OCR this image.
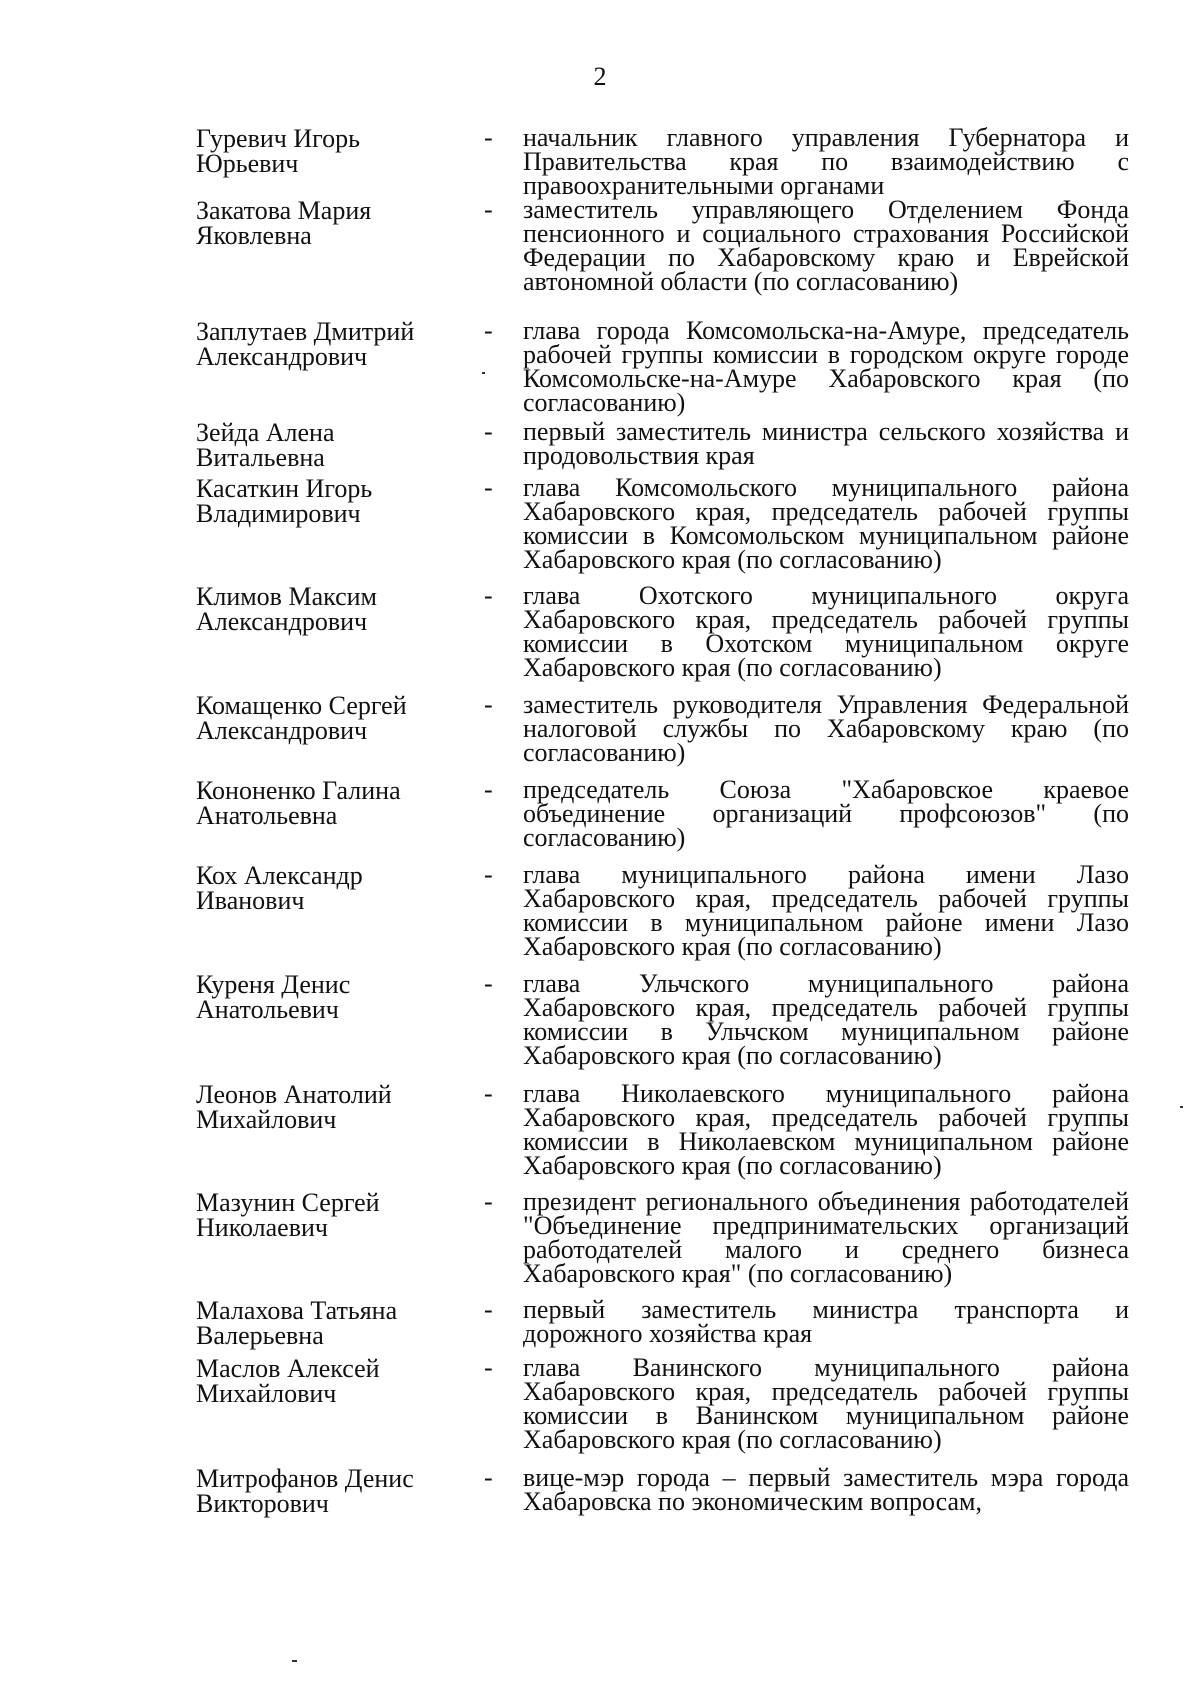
2
Гуревич Игорь
Юрьевич
-	начальник главного управления Губернатора и Правительства края по взаимодействию с правоохранительными органами
Закатова Мария
Яковлевна
-	заместитель управляющего Отделением Фонда пенсионного и социального страхования Российской Федерации по Хабаровскому краю и Еврейской автономной области (по согласованию)
Заплутаев Дмитрий
Александрович
-	глава города Комсомольска-на-Амуре, председатель рабочей группы комиссии в городском округе городе Комсомольске-на-Амуре Хабаровского края (по согласованию)
Зейда Алена
Витальевна
-	первый заместитель министра сельского хозяйства и продовольствия края
Касаткин Игорь
Владимирович
-	глава Комсомольского муниципального района Хабаровского края, председатель рабочей группы комиссии в Комсомольском муниципальном районе Хабаровского края (по согласованию)
Климов Максим
Александрович
-	глава Охотского муниципального округа Хабаровского края, председатель рабочей группы комиссии в Охотском муниципальном округе Хабаровского края (по согласованию)
Комащенко Сергей
Александрович
-	заместитель руководителя Управления Федеральной налоговой службы по Хабаровскому краю (по согласованию)
Кононенко Галина
Анатольевна
-	председатель Союза "Хабаровское краевое объединение организаций профсоюзов" (по согласованию)
Кох Александр
Иванович
-	глава муниципального района имени Лазо Хабаровского края, председатель рабочей группы комиссии в муниципальном районе имени Лазо Хабаровского края (по согласованию)
Куреня Денис
Анатольевич
-	глава Ульчского муниципального района Хабаровского края, председатель рабочей группы комиссии в Ульчском муниципальном районе Хабаровского края (по согласованию)
Леонов Анатолий
Михайлович
-	глава Николаевского муниципального района Хабаровского края, председатель рабочей группы комиссии в Николаевском муниципальном районе Хабаровского края (по согласованию)
Мазунин Сергей
Николаевич
-	президент регионального объединения работодателей "Объединение предпринимательских организаций работодателей малого и среднего бизнеса Хабаровского края" (по согласованию)
Малахова Татьяна
Валерьевна
-	первый заместитель министра транспорта и дорожного хозяйства края
Маслов Алексей
Михайлович
-	глава Ванинского муниципального района Хабаровского края, председатель рабочей группы комиссии в Ванинском муниципальном районе Хабаровского края (по согласованию)
Митрофанов Денис
Викторович
-	вице-мэр города – первый заместитель мэра города Хабаровска по экономическим вопросам,
